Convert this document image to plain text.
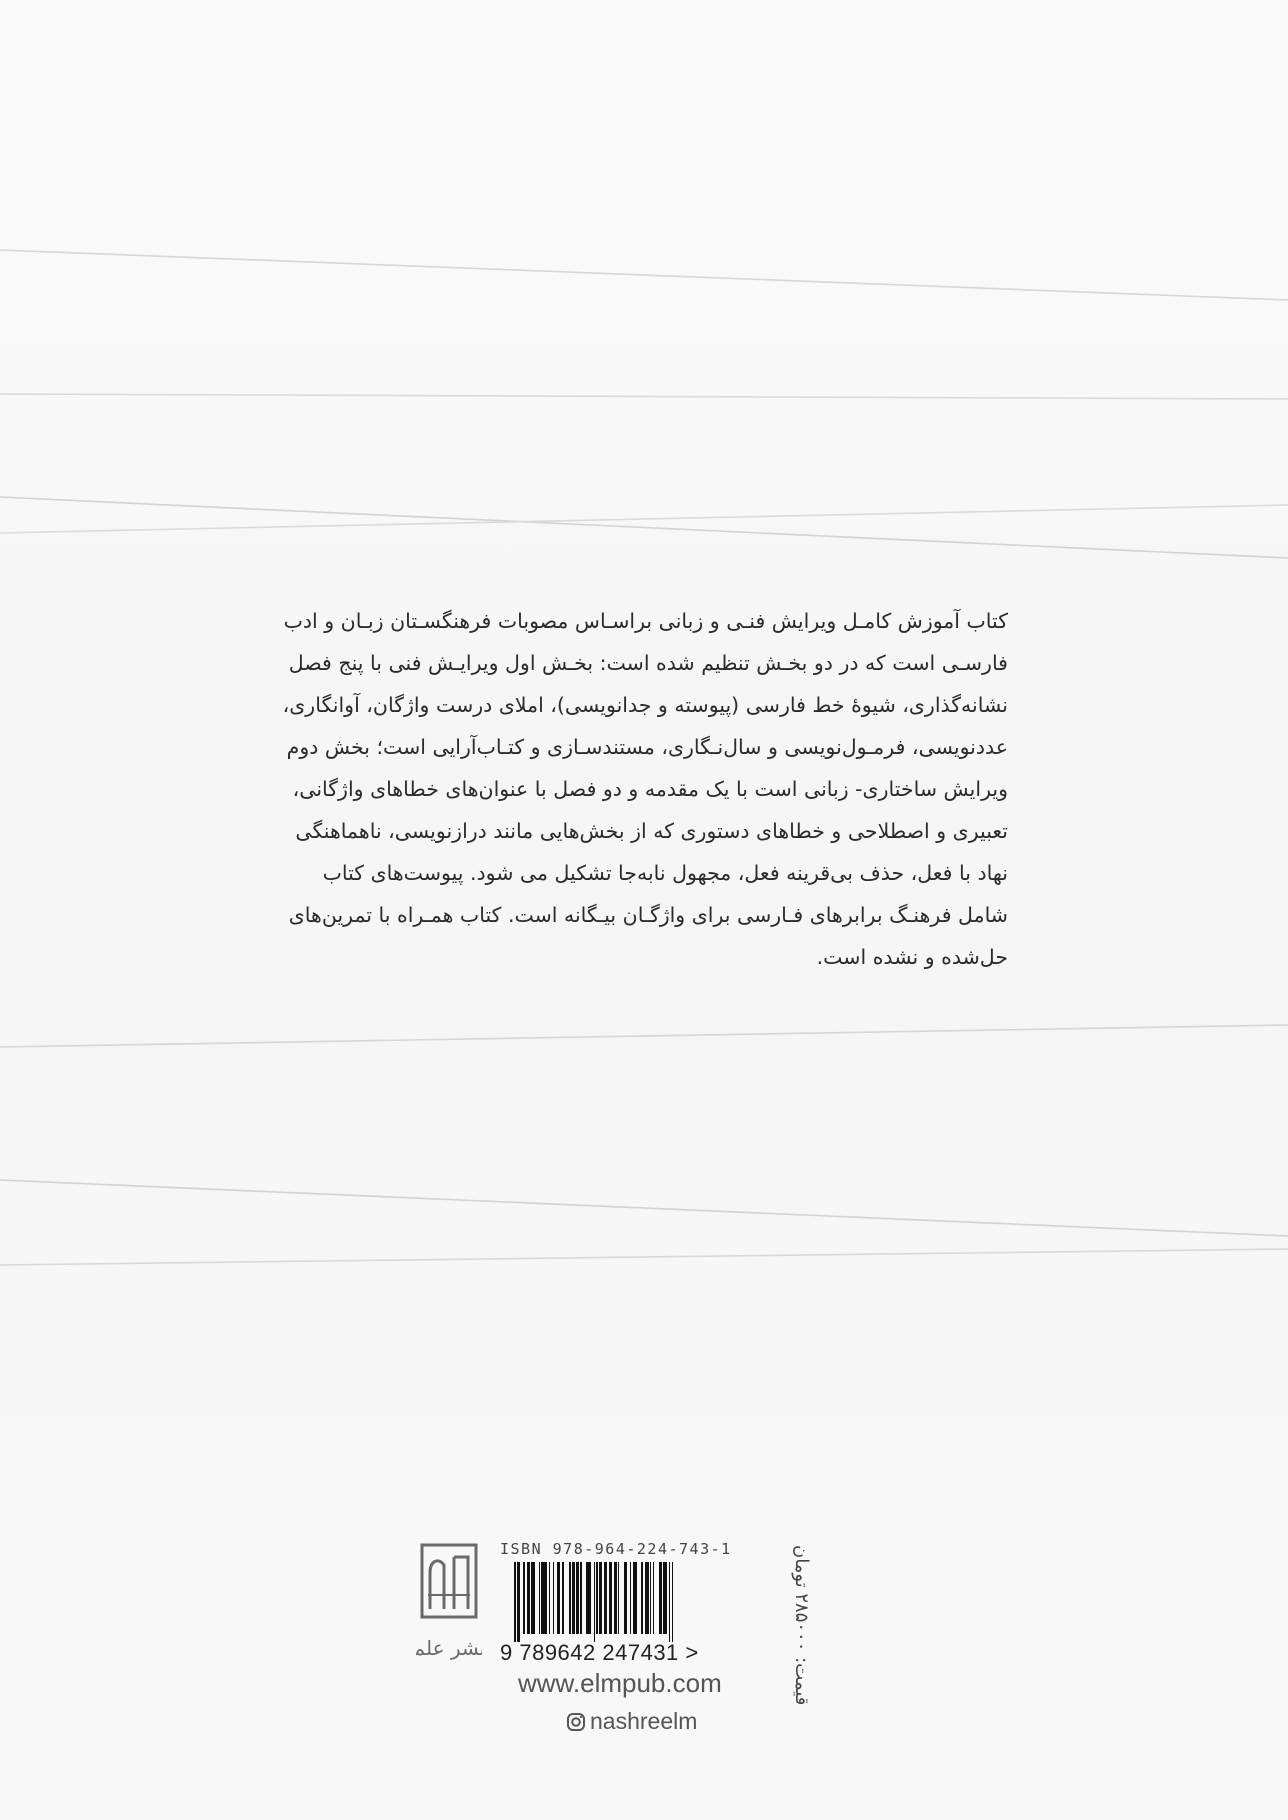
کتاب آموزش کامـل ویرایش فنـی و زبانی براسـاس مصوبات فرهنگسـتان زبـان و ادب
فارسـی است که در دو بخـش تنظیم شده است: بخـش اول ویرایـش فنی با پنج فصل
نشانه‌گذاری، شیوهٔ خط فارسی (پیوسته و جدانویسی)، املای درست واژگان، آوانگاری،
عددنویسی، فرمـول‌نویسی و سال‌نـگاری، مستندسـازی و کتـاب‌آرایی است؛ بخش دوم
ویرایش ساختاری- زبانی است با یک مقدمه و دو فصل با عنوان‌های خطاهای واژگانی،
تعبیری و اصطلاحی و خطاهای دستوری که از بخش‌هایی مانند درازنویسی، ناهماهنگی
نهاد با فعل، حذف بی‌قرینه فعل، مجهول نابه‌جا تشکیل می شود. پیوست‌های کتاب
شامل فرهنـگ برابرهای فـارسی برای واژگـان بیـگانه است. کتاب همـراه با تمرین‌های
حل‌شده و نشده است.

نشر علم
ISBN 978-964-224-743-1
9 789642 247431 >
www.elmpub.com
nashreelm
قیمت: ۲۸۵۰۰۰ تومان
